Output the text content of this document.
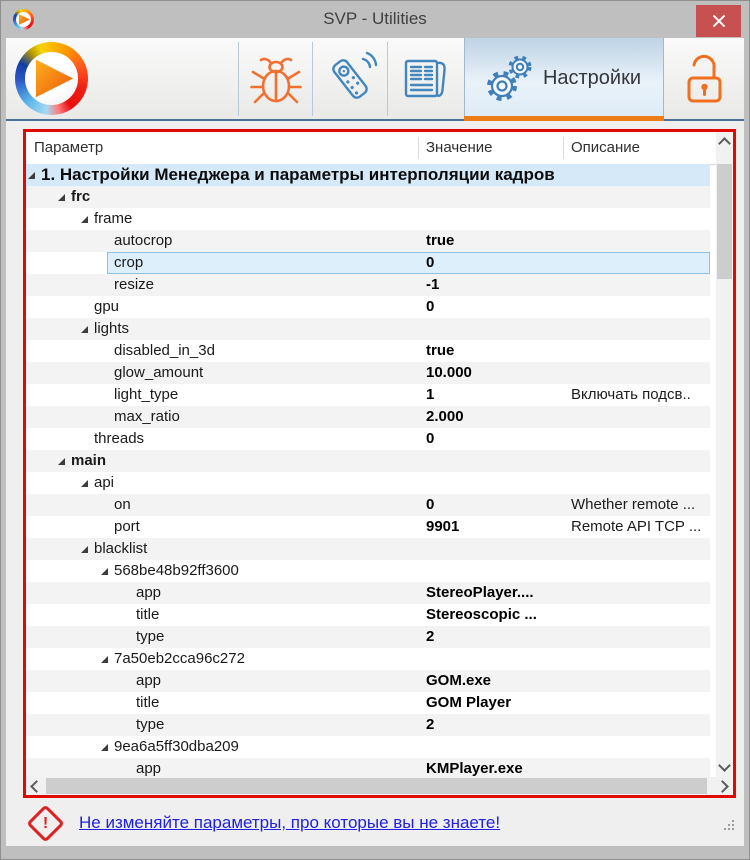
SVP - Utilities
Настройки
Параметр	Значение	Описание
1. Настройки Менеджера и параметры интерполяции кадров
frc
frame
autocrop	true
crop	0
resize	-1
gpu	0
lights
disabled_in_3d	true
glow_amount	10.000
light_type	1	Включать подсв..
max_ratio	2.000
threads	0
main
api
on	0	Whether remote ...
port	9901	Remote API TCP ...
blacklist
568be48b92ff3600
app	StereoPlayer....
title	Stereoscopic ...
type	2
7a50eb2cca96c272
app	GOM.exe
title	GOM Player
type	2
9ea6a5ff30dba209
app	KMPlayer.exe
!	Не изменяйте параметры, про которые вы не знаете!
